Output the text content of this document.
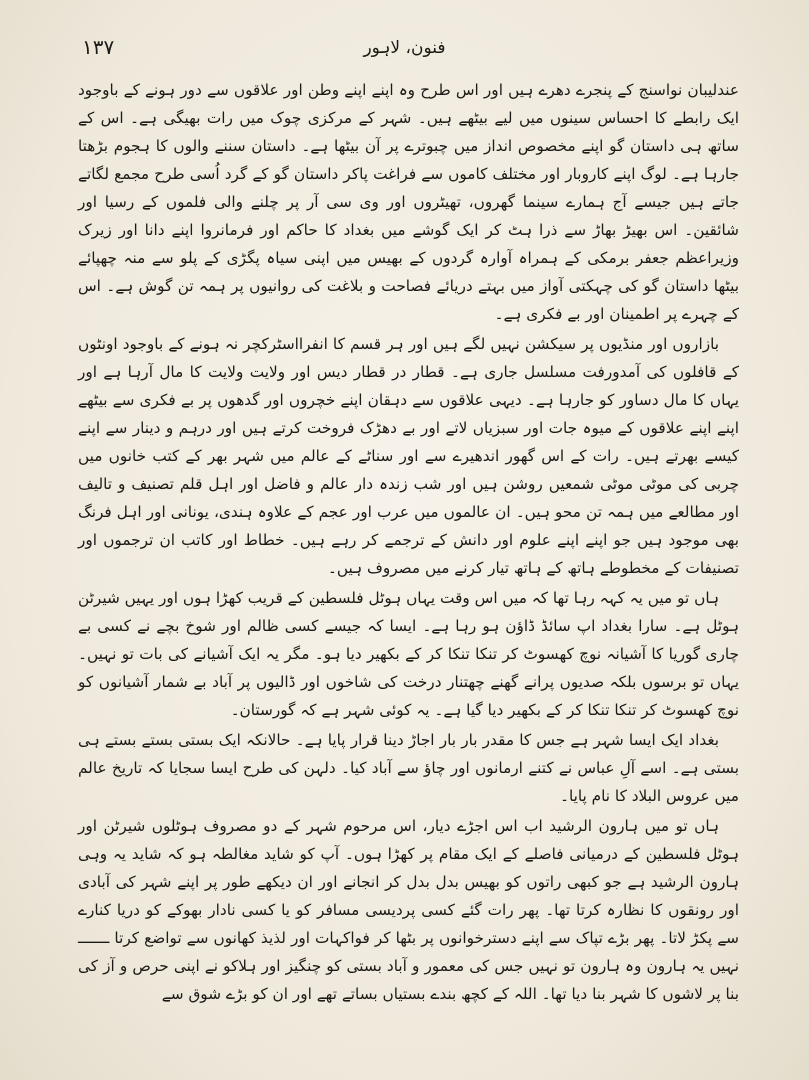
۱۳۷	فنون، لاہور

عندلیبان نواسنج کے پنجرے دھرے ہیں اور اس طرح وہ اپنے اپنے وطن اور علاقوں سے دور ہونے کے باوجود ایک رابطے کا احساس سینوں میں لیے بیٹھے ہیں۔ شہر کے مرکزی چوک میں رات بھیگی ہے۔ اس کے ساتھ ہی داستان گو اپنے مخصوص انداز میں چبوترے پر آن بیٹھا ہے۔ داستان سننے والوں کا ہجوم بڑھتا جارہا ہے۔ لوگ اپنے کاروبار اور مختلف کاموں سے فراغت پاکر داستان گو کے گرد اُسی طرح مجمع لگاتے جاتے ہیں جیسے آج ہمارے سینما گھروں، تھیٹروں اور وی سی آر پر چلنے والی فلموں کے رسیا اور شائقین۔ اس بھیڑ بھاڑ سے ذرا ہٹ کر ایک گوشے میں بغداد کا حاکم اور فرمانروا اپنے دانا اور زیرک وزیراعظم جعفر برمکی کے ہمراہ آوارہ گردوں کے بھیس میں اپنی سیاہ پگڑی کے پلو سے منہ چھپائے بیٹھا داستان گو کی چہکتی آواز میں بہتے دریائے فصاحت و بلاغت کی روانیوں پر ہمہ تن گوش ہے۔ اس کے چہرے پر اطمینان اور بے فکری ہے۔

بازاروں اور منڈیوں پر سیکشن نہیں لگے ہیں اور ہر قسم کا انفرااسٹرکچر نہ ہونے کے باوجود اونٹوں کے قافلوں کی آمدورفت مسلسل جاری ہے۔ قطار در قطار دیس اور ولایت ولایت کا مال آرہا ہے اور یہاں کا مال دساور کو جارہا ہے۔ دیہی علاقوں سے دہقان اپنے خچروں اور گدھوں پر بے فکری سے بیٹھے اپنے اپنے علاقوں کے میوہ جات اور سبزیاں لاتے اور بے دھڑک فروخت کرتے ہیں اور درہم و دینار سے اپنے کیسے بھرتے ہیں۔ رات کے اس گھور اندھیرے سے اور سناٹے کے عالم میں شہر بھر کے کتب خانوں میں چربی کی موٹی موٹی شمعیں روشن ہیں اور شب زندہ دار عالم و فاضل اور اہل قلم تصنیف و تالیف اور مطالعے میں ہمہ تن محو ہیں۔ ان عالموں میں عرب اور عجم کے علاوہ ہندی، یونانی اور اہل فرنگ بھی موجود ہیں جو اپنے اپنے علوم اور دانش کے ترجمے کر رہے ہیں۔ خطاط اور کاتب ان ترجموں اور تصنیفات کے مخطوطے ہاتھ کے ہاتھ تیار کرنے میں مصروف ہیں۔

ہاں تو میں یہ کہہ رہا تھا کہ میں اس وقت یہاں ہوٹل فلسطین کے قریب کھڑا ہوں اور یہیں شیرٹن ہوٹل ہے۔ سارا بغداد اپ سائڈ ڈاؤن ہو رہا ہے۔ ایسا کہ جیسے کسی ظالم اور شوخ بچے نے کسی بے چاری گوریا کا آشیانہ نوچ کھسوٹ کر تنکا تنکا کر کے بکھیر دیا ہو۔ مگر یہ ایک آشیانے کی بات تو نہیں۔ یہاں تو برسوں بلکہ صدیوں پرانے گھنے چھتنار درخت کی شاخوں اور ڈالیوں پر آباد بے شمار آشیانوں کو نوچ کھسوٹ کر تنکا تنکا کر کے بکھیر دیا گیا ہے۔ یہ کوئی شہر ہے کہ گورستان۔

بغداد ایک ایسا شہر ہے جس کا مقدر بار بار اجاڑ دینا قرار پایا ہے۔ حالانکہ ایک بستی بستے بستے ہی بستی ہے۔ اسے آلِ عباس نے کتنے ارمانوں اور چاؤ سے آباد کیا۔ دلہن کی طرح ایسا سجایا کہ تاریخ عالم میں عروس البلاد کا نام پایا۔

ہاں تو میں ہارون الرشید اب اس اجڑے دیار، اس مرحوم شہر کے دو مصروف ہوٹلوں شیرٹن اور ہوٹل فلسطین کے درمیانی فاصلے کے ایک مقام پر کھڑا ہوں۔ آپ کو شاید مغالطہ ہو کہ شاید یہ وہی ہارون الرشید ہے جو کبھی راتوں کو بھیس بدل بدل کر انجانے اور ان دیکھے طور پر اپنے شہر کی آبادی اور رونقوں کا نظارہ کرتا تھا۔ پھر رات گئے کسی پردیسی مسافر کو یا کسی نادار بھوکے کو دریا کنارے سے پکڑ لاتا۔ پھر بڑے تپاک سے اپنے دسترخوانوں پر بٹھا کر فواکہات اور لذیذ کھانوں سے تواضع کرتا ـــــــ نہیں یہ ہارون وہ ہارون تو نہیں جس کی معمور و آباد بستی کو چنگیز اور ہلاکو نے اپنی حرص و آز کی بنا پر لاشوں کا شہر بنا دیا تھا۔ اللہ کے کچھ بندے بستیاں بساتے تھے اور ان کو بڑے شوق سے
